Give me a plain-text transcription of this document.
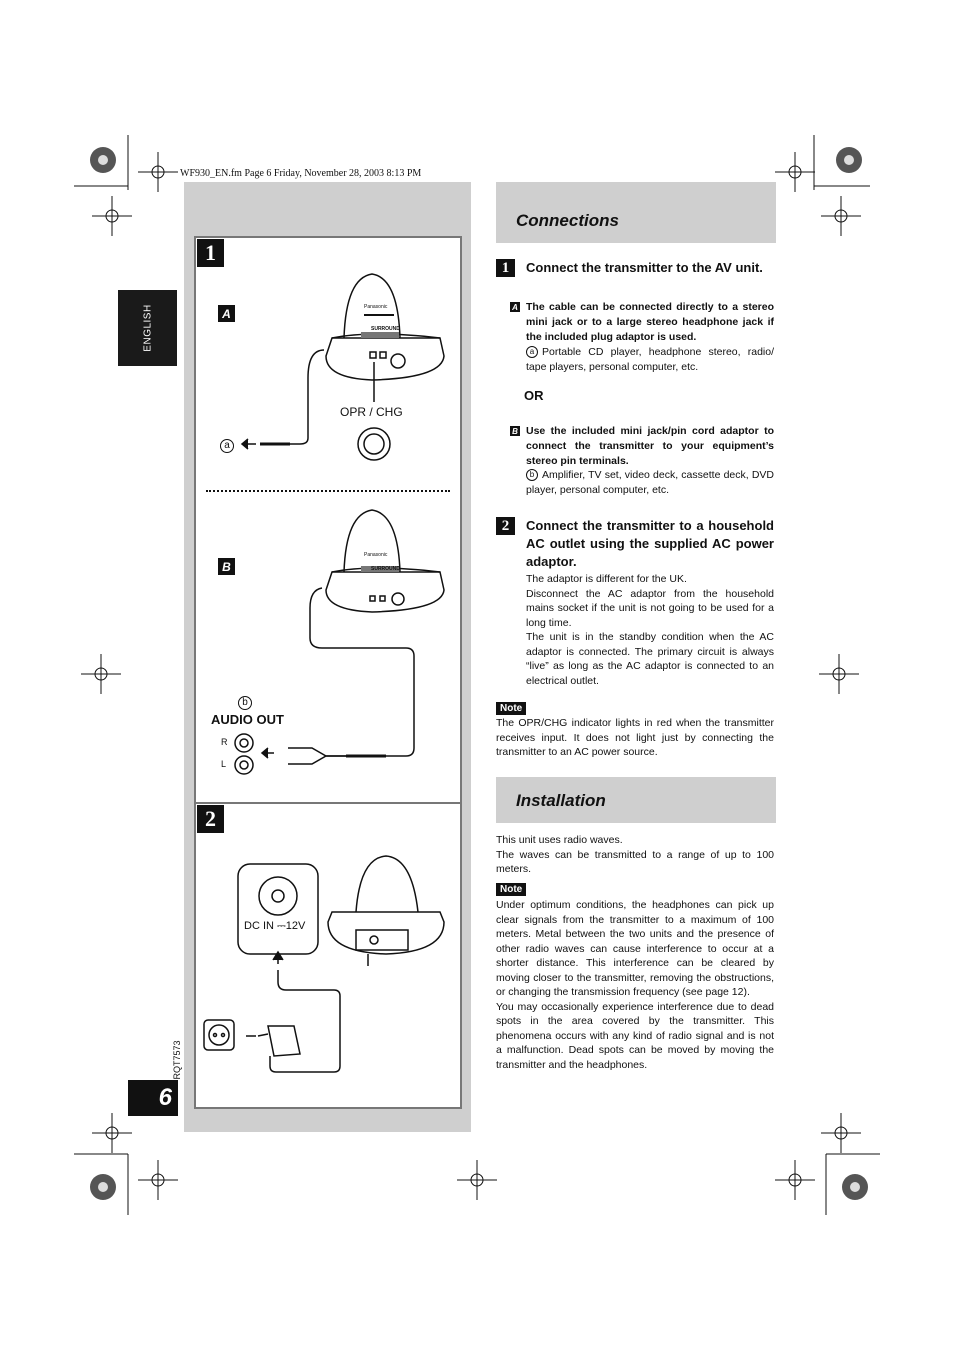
WF930_EN.fm Page 6 Friday, November 28, 2003 8:13 PM
ENGLISH
RQT7573
6
1
A
B
Panasonic
SURROUND
Panasonic
SURROUND
OPR / CHG
a
b
AUDIO OUT
R
L
2
DC IN ⎓12V
Connections
1	Connect the transmitter to the AV unit.
A The cable can be connected directly to a stereo mini jack or to a large stereo headphone jack if the included plug adaptor is used.
a Portable CD player, headphone stereo, radio/ tape players, personal computer, etc.
OR
B Use the included mini jack/pin cord adaptor to connect the transmitter to your equipment’s stereo pin terminals.
b Amplifier, TV set, video deck, cassette deck, DVD player, personal computer, etc.
2	Connect the transmitter to a household AC outlet using the supplied AC power adaptor.
The adaptor is different for the UK.
Disconnect the AC adaptor from the household mains socket if the unit is not going to be used for a long time.
The unit is in the standby condition when the AC adaptor is connected. The primary circuit is always “live” as long as the AC adaptor is connected to an electrical outlet.
Note
The OPR/CHG indicator lights in red when the transmitter receives input. It does not light just by connecting the transmitter to an AC power source.
Installation
This unit uses radio waves.
The waves can be transmitted to a range of up to 100 meters.
Note
Under optimum conditions, the headphones can pick up clear signals from the transmitter to a maximum of 100 meters. Metal between the two units and the presence of other radio waves can cause interference to occur at a shorter distance. This interference can be cleared by moving closer to the transmitter, removing the obstructions, or changing the transmission frequency (see page 12).
You may occasionally experience interference due to dead spots in the area covered by the transmitter. This phenomena occurs with any kind of radio signal and is not a malfunction. Dead spots can be moved by moving the transmitter and the headphones.
